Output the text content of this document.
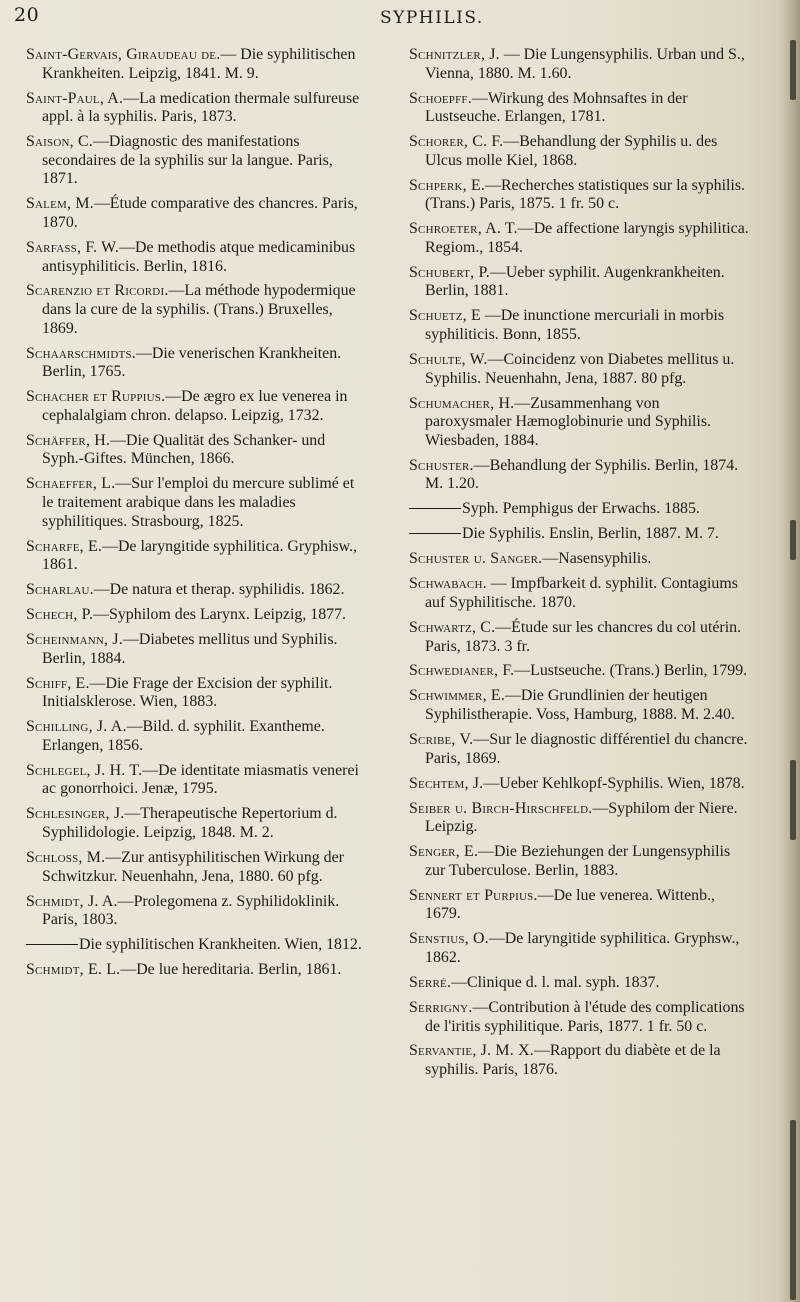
20	SYPHILIS.

Saint-Gervais, Giraudeau de.— Die syphilitischen Krankheiten. Leipzig, 1841. M. 9.

Saint-Paul, A.—La medication thermale sulfureuse appl. à la syphilis. Paris, 1873.

Saison, C.—Diagnostic des manifestations secondaires de la syphilis sur la langue. Paris, 1871.

Salem, M.—Étude comparative des chancres. Paris, 1870.

Sarfass, F. W.—De methodis atque medicaminibus antisyphiliticis. Berlin, 1816.

Scarenzio et Ricordi.—La méthode hypodermique dans la cure de la syphilis. (Trans.) Bruxelles, 1869.

Schaarschmidts.—Die venerischen Krankheiten. Berlin, 1765.

Schacher et Ruppius.—De ægro ex lue venerea in cephalalgiam chron. delapso. Leipzig, 1732.

Schäffer, H.—Die Qualität des Schanker- und Syph.-Giftes. München, 1866.

Schaeffer, L.—Sur l'emploi du mercure sublimé et le traitement arabique dans les maladies syphilitiques. Strasbourg, 1825.

Scharfe, E.—De laryngitide syphilitica. Gryphisw., 1861.

Scharlau.—De natura et therap. syphilidis. 1862.

Schech, P.—Syphilom des Larynx. Leipzig, 1877.

Scheinmann, J.—Diabetes mellitus und Syphilis. Berlin, 1884.

Schiff, E.—Die Frage der Excision der syphilit. Initialsklerose. Wien, 1883.

Schilling, J. A.—Bild. d. syphilit. Exantheme. Erlangen, 1856.

Schlegel, J. H. T.—De identitate miasmatis venerei ac gonorrhoici. Jenæ, 1795.

Schlesinger, J.—Therapeutische Repertorium d. Syphilidologie. Leipzig, 1848. M. 2.

Schloss, M.—Zur antisyphilitischen Wirkung der Schwitzkur. Neuenhahn, Jena, 1880. 60 pfg.

Schmidt, J. A.—Prolegomena z. Syphilidoklinik. Paris, 1803.

Die syphilitischen Krankheiten. Wien, 1812.

Schmidt, E. L.—De lue hereditaria. Berlin, 1861.

Schnitzler, J. — Die Lungensyphilis. Urban und S., Vienna, 1880. M. 1.60.

Schoepff.—Wirkung des Mohnsaftes in der Lustseuche. Erlangen, 1781.

Schorer, C. F.—Behandlung der Syphilis u. des Ulcus molle Kiel, 1868.

Schperk, E.—Recherches statistiques sur la syphilis. (Trans.) Paris, 1875. 1 fr. 50 c.

Schroeter, A. T.—De affectione laryngis syphilitica. Regiom., 1854.

Schubert, P.—Ueber syphilit. Augenkrankheiten. Berlin, 1881.

Schuetz, E —De inunctione mercuriali in morbis syphiliticis. Bonn, 1855.

Schulte, W.—Coincidenz von Diabetes mellitus u. Syphilis. Neuenhahn, Jena, 1887. 80 pfg.

Schumacher, H.—Zusammenhang von paroxysmaler Hæmoglobinurie und Syphilis. Wiesbaden, 1884.

Schuster.—Behandlung der Syphilis. Berlin, 1874. M. 1.20.

Syph. Pemphigus der Erwachs. 1885.

Die Syphilis. Enslin, Berlin, 1887. M. 7.

Schuster u. Sanger.—Nasensyphilis.

Schwabach. — Impfbarkeit d. syphilit. Contagiums auf Syphilitische. 1870.

Schwartz, C.—Étude sur les chancres du col utérin. Paris, 1873. 3 fr.

Schwedianer, F.—Lustseuche. (Trans.) Berlin, 1799.

Schwimmer, E.—Die Grundlinien der heutigen Syphilistherapie. Voss, Hamburg, 1888. M. 2.40.

Scribe, V.—Sur le diagnostic différentiel du chancre. Paris, 1869.

Sechtem, J.—Ueber Kehlkopf-Syphilis. Wien, 1878.

Seiber u. Birch-Hirschfeld.—Syphilom der Niere. Leipzig.

Senger, E.—Die Beziehungen der Lungensyphilis zur Tuberculose. Berlin, 1883.

Sennert et Purpius.—De lue venerea. Wittenb., 1679.

Senstius, O.—De laryngitide syphilitica. Gryphsw., 1862.

Serré.—Clinique d. l. mal. syph. 1837.

Serrigny.—Contribution à l'étude des complications de l'iritis syphilitique. Paris, 1877. 1 fr. 50 c.

Servantie, J. M. X.—Rapport du diabète et de la syphilis. Paris, 1876.
